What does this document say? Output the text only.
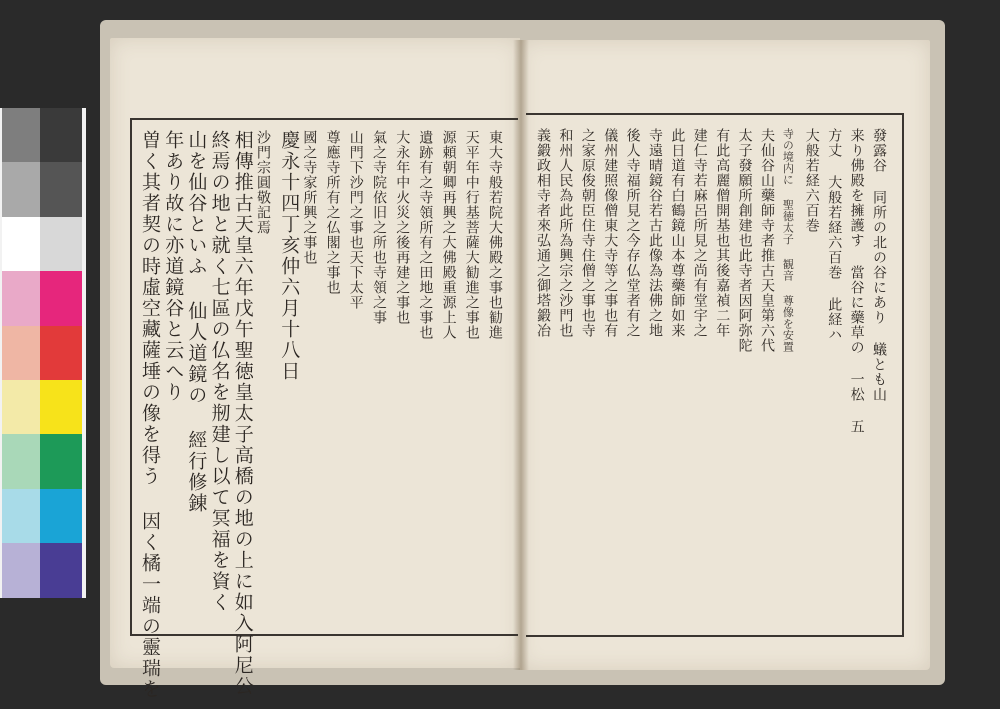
發露谷 同所の北の谷にあり 蟻とも山
来り佛殿を擁護す 當谷に藥草の 一松 五
方丈 大般若経六百巻 此経ハ
大般若経六百巻
寺の境内に 聖徳太子 観音 尊像を安置
夫仙谷山藥師寺者推古天皇第六代
太子發願所創建也此寺者因阿弥陀
有此高麗僧開基也其後嘉禎二年
建仁寺若麻呂所見之尚有堂宇之
此日道有白鶴鏡山本尊藥師如来
寺遠晴鏡谷若古此像為法佛之地
後人寺福所見之今存仏堂者有之
儀州建照像僧東大寺等之事也有
之家原俊朝臣住寺住僧之事也寺
和州人民為此所為興宗之沙門也
義鍛政相寺者來弘通之御塔鍛冶
東大寺般若院大佛殿之事也勧進
天平年中行基菩薩大勧進之事也
源頼朝卿再興之大佛殿重源上人
遺跡有之寺領所有之田地之事也
大永年中火災之後再建之事也
氣之寺院依旧之所也寺領之事
山門下沙門之事也天下太平
尊應寺所有之仏閣之事也
國之寺家所興之事也
慶永十四丁亥仲六月十八日
沙門宗圓敬記焉
相傳推古天皇六年戊午聖徳皇太子高橋の地の上に如入阿尼公
終焉の地と就く七區の仏名を剏建し以て冥福を資く
山を仙谷といふ 仙人道鏡の 經行修錬
年あり故に亦道鏡谷と云へり
曽く其者契の時虛空藏薩埵の像を得う 因く橘一端の靈瑞を
